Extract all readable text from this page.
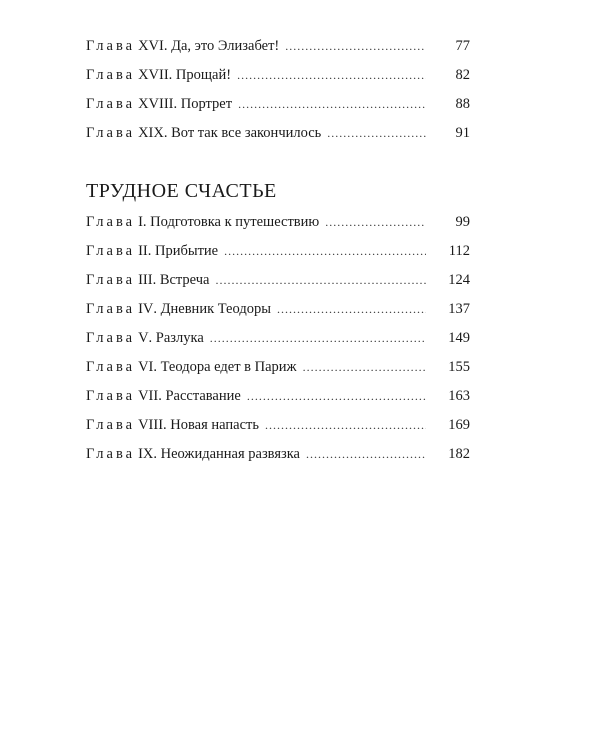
Глава XVI . Да, это Элизабет! .....	77
Глава XVII . Прощай! .....	82
Глава XVIII . Портрет .....	88
Глава XIX . Вот так все закончилось .....	91
ТРУДНОЕ СЧАСТЬЕ
Глава I . Подготовка к путешествию .....	99
Глава II . Прибытие .....	112
Глава III . Встреча .....	124
Глава IV . Дневник Теодоры .....	137
Глава V . Разлука .....	149
Глава VI . Теодора едет в Париж .....	155
Глава VII . Расставание .....	163
Глава VIII . Новая напасть .....	169
Глава IX . Неожиданная развязка .....	182
